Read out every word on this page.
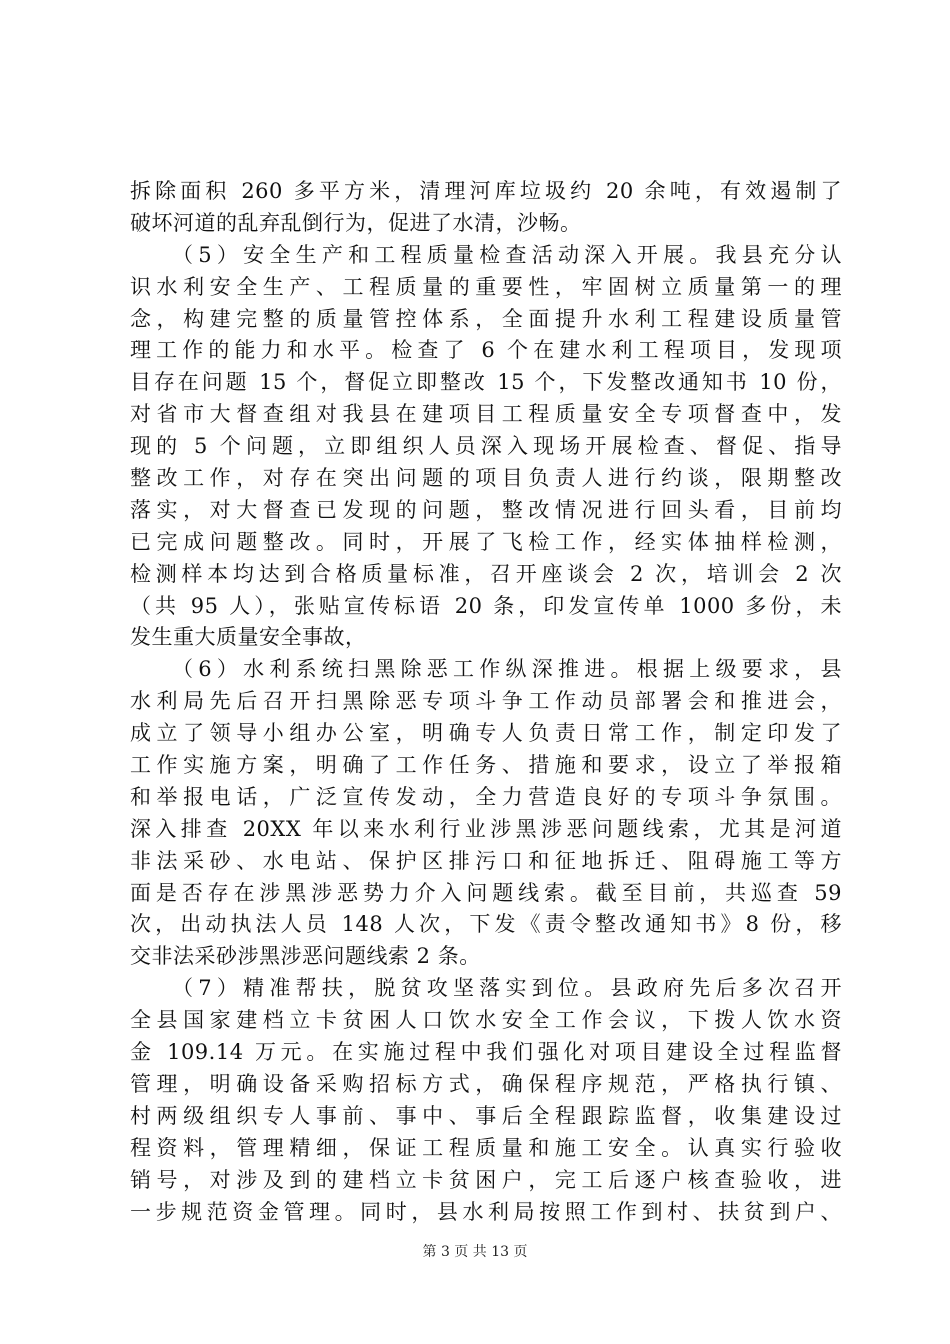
拆除面积 260 多平方米，清理河库垃圾约 20 余吨，有效遏制了
破坏河道的乱弃乱倒行为，促进了水清，沙畅。
　　（5）安全生产和工程质量检查活动深入开展。我县充分认
识水利安全生产、工程质量的重要性，牢固树立质量第一的理
念，构建完整的质量管控体系，全面提升水利工程建设质量管
理工作的能力和水平。检查了 6 个在建水利工程项目，发现项
目存在问题 15 个，督促立即整改 15 个，下发整改通知书 10 份，
对省市大督查组对我县在建项目工程质量安全专项督查中，发
现的 5 个问题，立即组织人员深入现场开展检查、督促、指导
整改工作，对存在突出问题的项目负责人进行约谈，限期整改
落实，对大督查已发现的问题，整改情况进行回头看，目前均
已完成问题整改。同时，开展了飞检工作，经实体抽样检测，
检测样本均达到合格质量标准，召开座谈会 2 次，培训会 2 次
（共 95 人），张贴宣传标语 20 条，印发宣传单 1000 多份，未
发生重大质量安全事故，
　　（6）水利系统扫黑除恶工作纵深推进。根据上级要求，县
水利局先后召开扫黑除恶专项斗争工作动员部署会和推进会，
成立了领导小组办公室，明确专人负责日常工作，制定印发了
工作实施方案，明确了工作任务、措施和要求，设立了举报箱
和举报电话，广泛宣传发动，全力营造良好的专项斗争氛围。
深入排查 20XX 年以来水利行业涉黑涉恶问题线索，尤其是河道
非法采砂、水电站、保护区排污口和征地拆迁、阻碍施工等方
面是否存在涉黑涉恶势力介入问题线索。截至目前，共巡查 59
次，出动执法人员 148 人次，下发《责令整改通知书》8 份，移
交非法采砂涉黑涉恶问题线索 2 条。
　　（7）精准帮扶，脱贫攻坚落实到位。县政府先后多次召开
全县国家建档立卡贫困人口饮水安全工作会议，下拨人饮水资
金 109.14 万元。在实施过程中我们强化对项目建设全过程监督
管理，明确设备采购招标方式，确保程序规范，严格执行镇、
村两级组织专人事前、事中、事后全程跟踪监督，收集建设过
程资料，管理精细，保证工程质量和施工安全。认真实行验收
销号，对涉及到的建档立卡贫困户，完工后逐户核查验收，进
一步规范资金管理。同时，县水利局按照工作到村、扶贫到户、
第 3 页 共 13 页
